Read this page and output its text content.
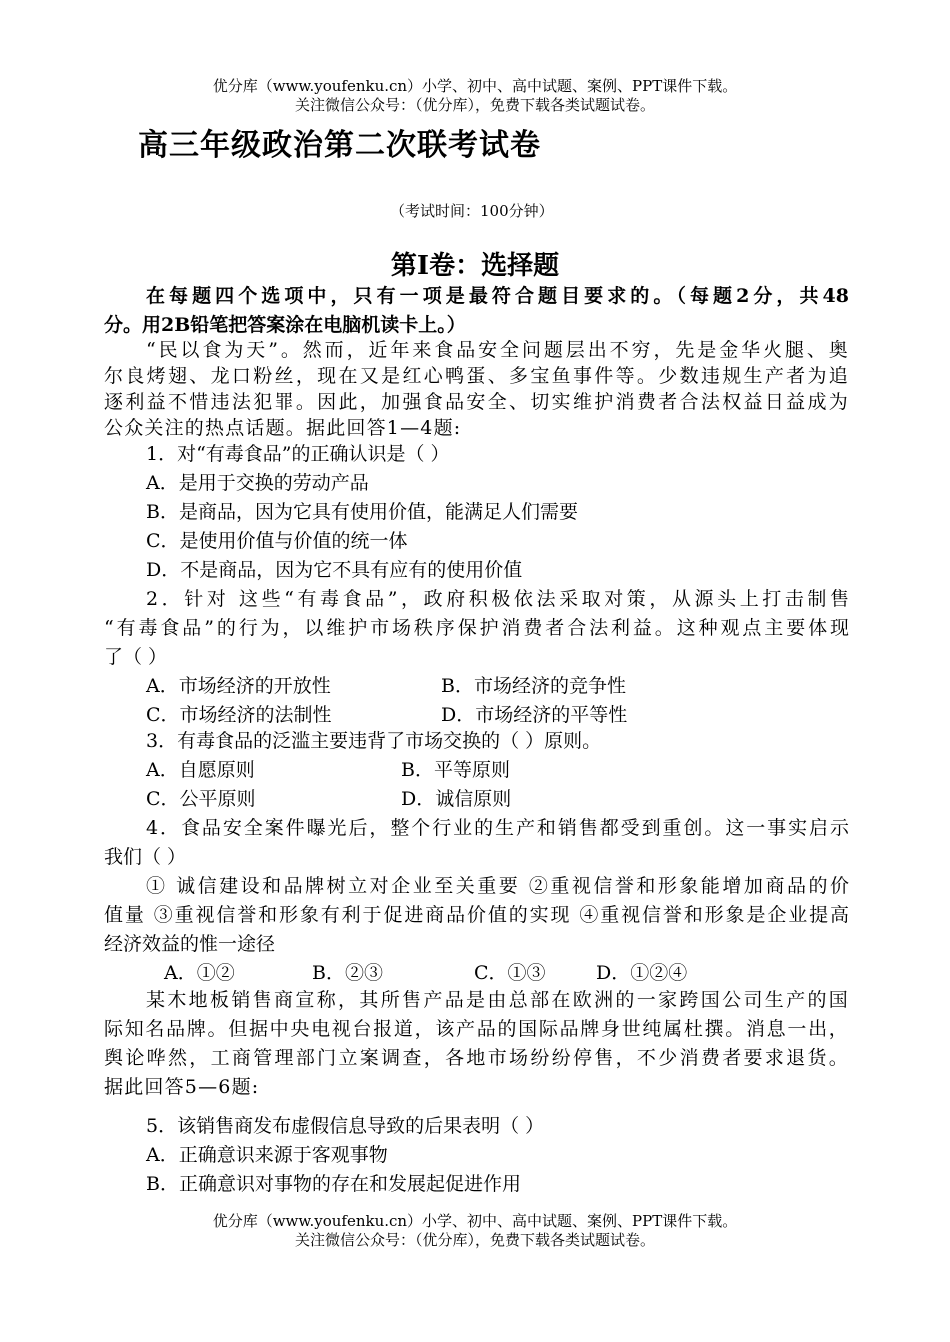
优分库（www.youfenku.cn）小学、初中、高中试题、案例、PPT课件下载。
关注微信公众号：（优分库），免费下载各类试题试卷。
高三年级政治第二次联考试卷
（考试时间：100分钟）
第Ⅰ卷：选择题
在每题四个选项中，只有一项是最符合题目要求的。（每题2分，共48
分。用2B铅笔把答案涂在电脑机读卡上。）
“民以食为天”。然而，近年来食品安全问题层出不穷，先是金华火腿、奥
尔良烤翅、龙口粉丝，现在又是红心鸭蛋、多宝鱼事件等。少数违规生产者为追
逐利益不惜违法犯罪。因此，加强食品安全、切实维护消费者合法权益日益成为
公众关注的热点话题。据此回答1—4题:
1．对“有毒食品”的正确认识是（ ）
A．是用于交换的劳动产品
B．是商品，因为它具有使用价值，能满足人们需要
C．是使用价值与价值的统一体
D．不是商品，因为它不具有应有的使用价值
2．针对 这些“有毒食品”，政府积极依法采取对策，从源头上打击制售
“有毒食品”的行为，以维护市场秩序保护消费者合法利益。这种观点主要体现
了（ ）
A．市场经济的开放性	B．市场经济的竞争性
C．市场经济的法制性	D．市场经济的平等性
3．有毒食品的泛滥主要违背了市场交换的（ ）原则。
A．自愿原则	B．平等原则
C．公平原则	D．诚信原则
4．食品安全案件曝光后，整个行业的生产和销售都受到重创。这一事实启示
我们（ ）
① 诚信建设和品牌树立对企业至关重要 ②重视信誉和形象能增加商品的价
值量 ③重视信誉和形象有利于促进商品价值的实现 ④重视信誉和形象是企业提高
经济效益的惟一途径
A．①②	B．②③	C．①③	D．①②④
某木地板销售商宣称，其所售产品是由总部在欧洲的一家跨国公司生产的国
际知名品牌。但据中央电视台报道，该产品的国际品牌身世纯属杜撰。消息一出，
舆论哗然，工商管理部门立案调查，各地市场纷纷停售，不少消费者要求退货。
据此回答5—6题:
5．该销售商发布虚假信息导致的后果表明（ ）
A．正确意识来源于客观事物
B．正确意识对事物的存在和发展起促进作用
优分库（www.youfenku.cn）小学、初中、高中试题、案例、PPT课件下载。
关注微信公众号：（优分库），免费下载各类试题试卷。
